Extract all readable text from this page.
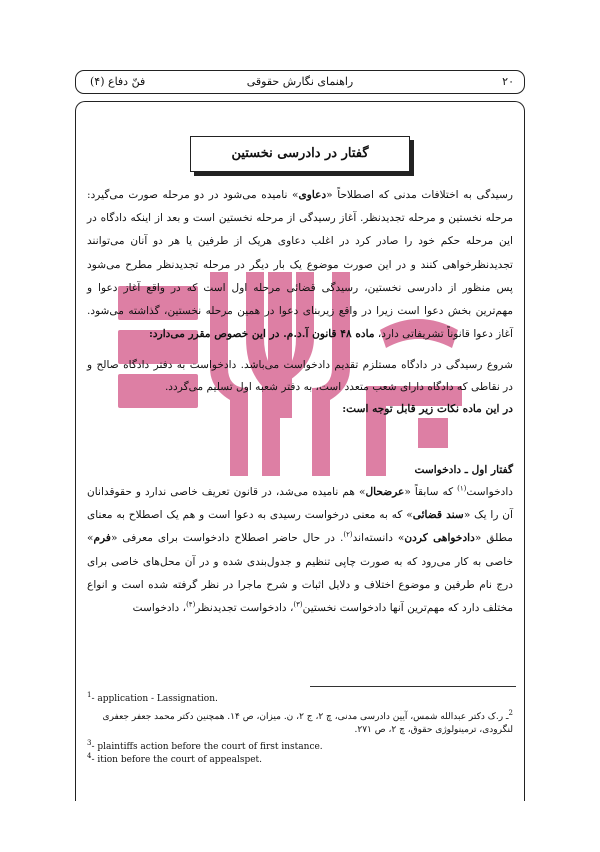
۲۰
راهنمای نگارش حقوقی
فنّ دفاع (۴)
گفتار در دادرسی نخستین

رسیدگی به اختلافات مدنی که اصطلاحاً «دعاوی» نامیده می‌شود در دو مرحله صورت می‌گیرد: مرحله نخستین و مرحله تجدیدنظر. آغاز رسیدگی از مرحله نخستین است و بعد از اینکه دادگاه در این مرحله حکم خود را صادر کرد در اغلب دعاوی هریک از طرفین یا هر دو آنان می‌توانند تجدیدنظرخواهی کنند و در این صورت موضوع یک بار دیگر در مرحله تجدیدنظر مطرح می‌شود پس منظور از دادرسی نخستین، رسیدگی قضائی مرحله اول است که در واقع آغاز دعوا و مهم‌ترین بخش دعوا است زیرا در واقع زیربنای دعوا در همین مرحله نخستین، گذاشته می‌شود. آغاز دعوا قانوناً تشریفاتی دارد، ماده ۴۸ قانون آ.د.م. در این خصوص مقرر می‌دارد:

شروع رسیدگی در دادگاه مستلزم تقدیم دادخواست می‌باشد. دادخواست به دفتر دادگاه صالح و در نقاطی که دادگاه دارای شعب متعدد است، به دفتر شعبه اول تسلیم می‌گردد.

در این ماده نکات زیر قابل توجه است:

گفتار اول ـ دادخواست

دادخواست$^{(۱)}$ که سابقاً «عرضحال» هم نامیده می‌شد، در قانون تعریف خاصی ندارد و حقوقدانان آن را یک «سند قضائی» که به معنی درخواست رسیدی به دعوا است و هم یک اصطلاح به معنای مطلق «دادخواهی کردن» دانسته‌اند$^{(۲)}$. در حال حاضر اصطلاح دادخواست برای معرفی «فرم» خاصی به کار می‌رود که به صورت چاپی تنظیم و جدول‌بندی شده و در آن محل‌های خاصی برای درج نام طرفین و موضوع اختلاف و دلایل اثبات و شرح ماجرا در نظر گرفته شده است و انواع مختلف دارد که مهم‌ترین آنها دادخواست نخستین$^{(۳)}$، دادخواست تجدیدنظر$^{(۴)}$، دادخواست

$^1$- application - Lassignation.

$^2$ـ ر.ک دکتر عبدالله شمس، آیین دادرسی مدنی، چ ۲، ج ۲، ن. میزان، ص ۱۴. همچنین دکتر محمد جعفر جعفری

لنگرودی، ترمینولوژی حقوق، چ ۲، ص ۲۷۱.

$^3$- plaintiffs action before the court of first instance.

$^4$- ition before the court of appealspet.
